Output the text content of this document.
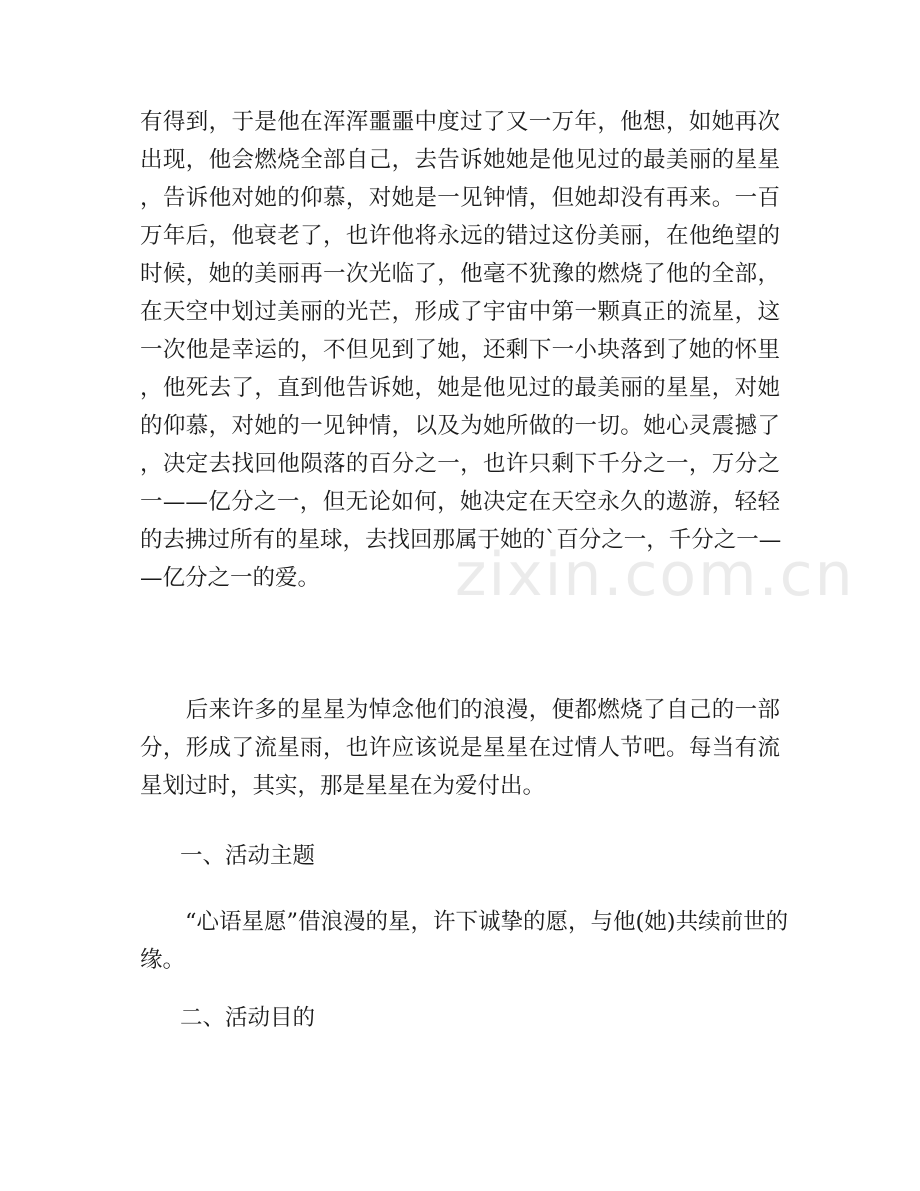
有得到，于是他在浑浑噩噩中度过了又一万年，他想，如她再次
出现，他会燃烧全部自己，去告诉她她是他见过的最美丽的星星
，告诉他对她的仰慕，对她是一见钟情，但她却没有再来。一百
万年后，他衰老了，也许他将永远的错过这份美丽，在他绝望的
时候，她的美丽再一次光临了，他毫不犹豫的燃烧了他的全部，
在天空中划过美丽的光芒，形成了宇宙中第一颗真正的流星，这
一次他是幸运的，不但见到了她，还剩下一小块落到了她的怀里
，他死去了，直到他告诉她，她是他见过的最美丽的星星，对她
的仰慕，对她的一见钟情，以及为她所做的一切。她心灵震撼了
，决定去找回他陨落的百分之一，也许只剩下千分之一，万分之
一——亿分之一，但无论如何，她决定在天空永久的遨游，轻轻
的去拂过所有的星球，去找回那属于她的`百分之一，千分之一—
—亿分之一的爱。
　　后来许多的星星为悼念他们的浪漫，便都燃烧了自己的一部
分，形成了流星雨，也许应该说是星星在过情人节吧。每当有流
星划过时，其实，那是星星在为爱付出。

一、活动主题

　　“心语星愿”借浪漫的星，许下诚挚的愿，与他(她)共续前世的
缘。

二、活动目的

zixin.com.cn
